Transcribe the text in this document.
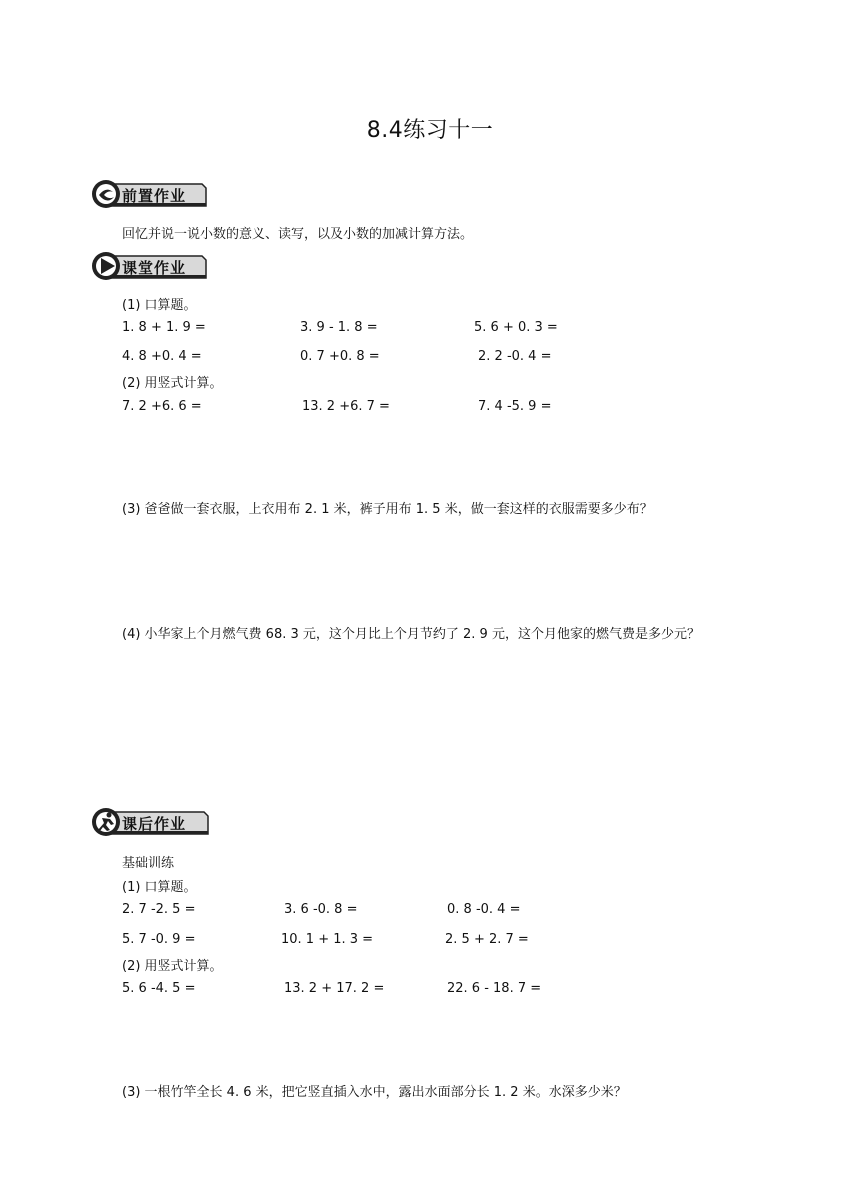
8.4练习十一
前置作业
回忆并说一说小数的意义、读写，以及小数的加减计算方法。
课堂作业
(1) 口算题。
1. 8 + 1. 9 =	3. 9 - 1. 8 =	5. 6 + 0. 3 =
4. 8 +0. 4 =	0. 7 +0. 8 =	2. 2 -0. 4 =
(2) 用竖式计算。
7. 2 +6. 6 =	13. 2 +6. 7 =	7. 4 -5. 9 =
(3) 爸爸做一套衣服，上衣用布 2. 1 米，裤子用布 1. 5 米，做一套这样的衣服需要多少布？
(4) 小华家上个月燃气费 68. 3 元，这个月比上个月节约了 2. 9 元，这个月他家的燃气费是多少元？
课后作业
基础训练
(1) 口算题。
2. 7 -2. 5 =	3. 6 -0. 8 =	0. 8 -0. 4 =
5. 7 -0. 9 =	10. 1 + 1. 3 =	2. 5 + 2. 7 =
(2) 用竖式计算。
5. 6 -4. 5 =	13. 2 + 17. 2 =	22. 6 - 18. 7 =
(3) 一根竹竿全长 4. 6 米，把它竖直插入水中，露出水面部分长 1. 2 米。水深多少米？
